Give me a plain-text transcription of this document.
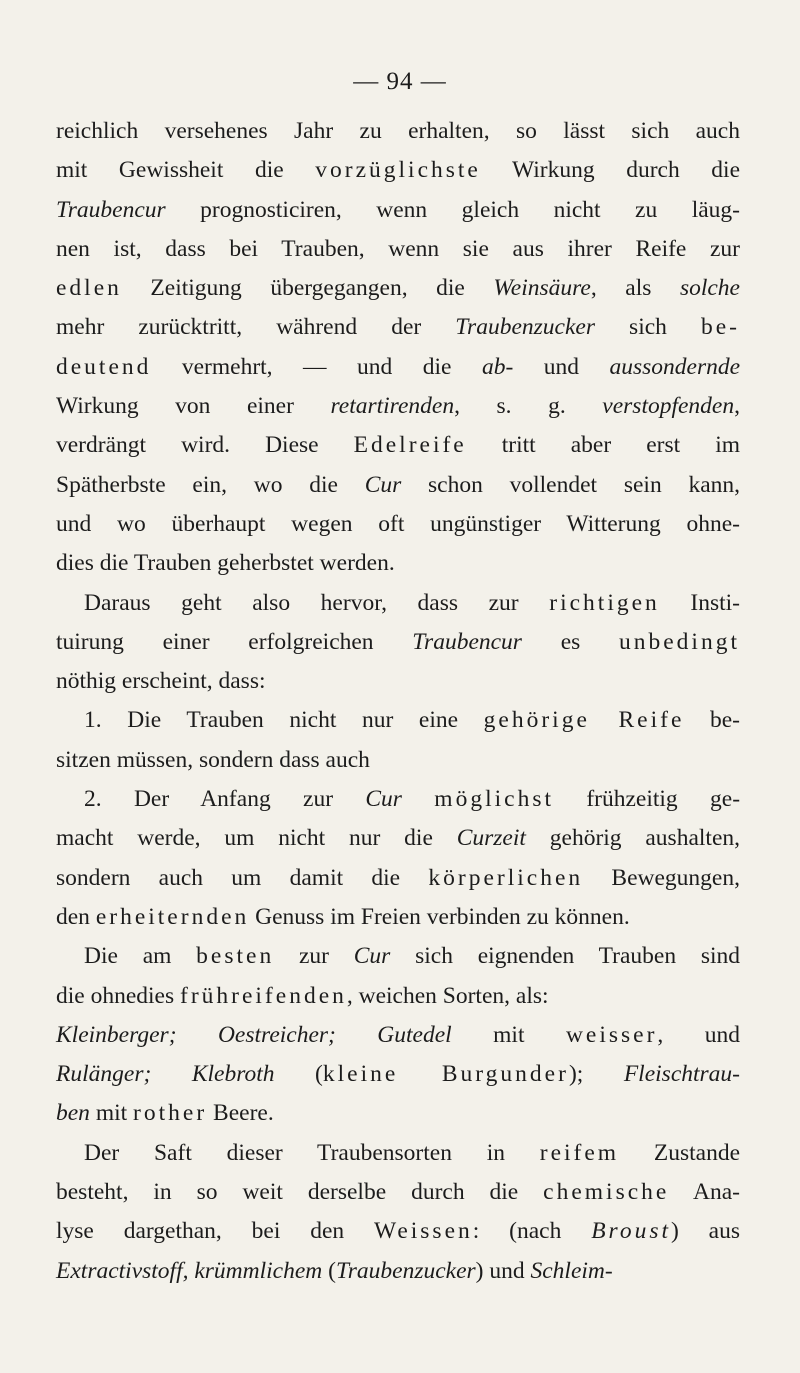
— 94 —
reichlich versehenes Jahr zu erhalten, so lässt sich auch
mit Gewissheit die vorzüglichste Wirkung durch die
Traubencur prognosticiren, wenn gleich nicht zu läug-
nen ist, dass bei Trauben, wenn sie aus ihrer Reife zur
edlen Zeitigung übergegangen, die Weinsäure, als solche
mehr zurücktritt, während der Traubenzucker sich be-
deutend vermehrt, — und die ab- und aussondernde
Wirkung von einer retartirenden, s. g. verstopfenden,
verdrängt wird. Diese Edelreife tritt aber erst im
Spätherbste ein, wo die Cur schon vollendet sein kann,
und wo überhaupt wegen oft ungünstiger Witterung ohne-
dies die Trauben geherbstet werden.
Daraus geht also hervor, dass zur richtigen Insti-
tuirung einer erfolgreichen Traubencur es unbedingt
nöthig erscheint, dass:
1. Die Trauben nicht nur eine gehörige Reife be-
sitzen müssen, sondern dass auch
2. Der Anfang zur Cur möglichst frühzeitig ge-
macht werde, um nicht nur die Curzeit gehörig aushalten,
sondern auch um damit die körperlichen Bewegungen,
den erheiternden Genuss im Freien verbinden zu können.
Die am besten zur Cur sich eignenden Trauben sind
die ohnedies frühreifenden, weichen Sorten, als:
Kleinberger; Oestreicher; Gutedel mit weisser, und
Rulänger; Klebroth (kleine Burgunder); Fleischtrau-
ben mit rother Beere.
Der Saft dieser Traubensorten in reifem Zustande
besteht, in so weit derselbe durch die chemische Ana-
lyse dargethan, bei den Weissen: (nach Broust) aus
Extractivstoff, krümmlichem (Traubenzucker) und Schleim-
